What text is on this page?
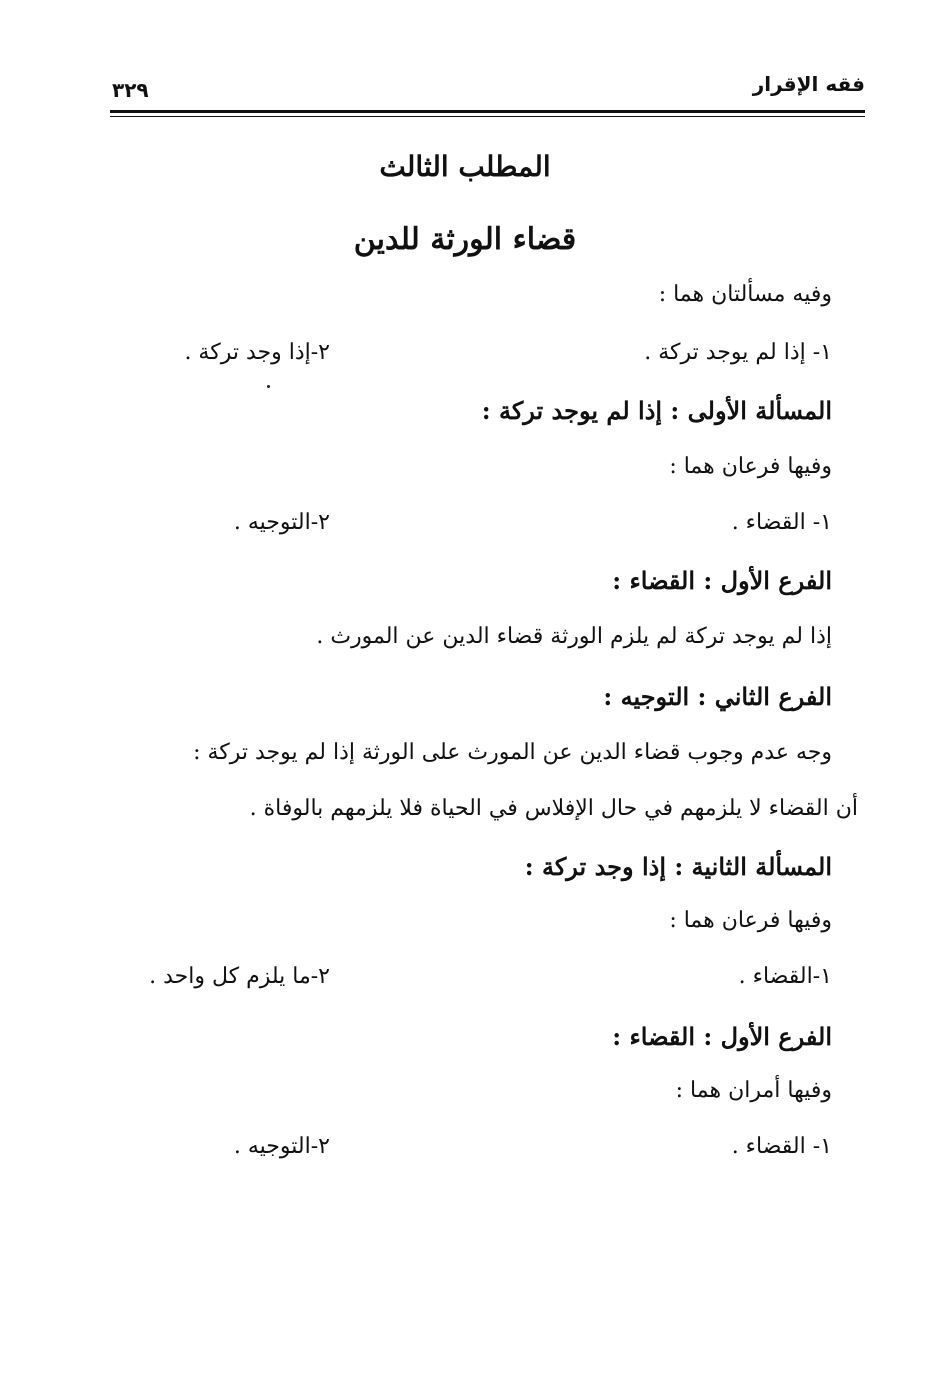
فقه الإقرار
٣٢٩
المطلب الثالث
قضاء الورثة للدين
وفيه مسألتان هما :
١- إذا لم يوجد تركة .
٢-إذا وجد تركة .
المسألة الأولى : إذا لم يوجد تركة :
وفيها فرعان هما :
١- القضاء .
٢-التوجيه .
الفرع الأول : القضاء :
إذا لم يوجد تركة لم يلزم الورثة قضاء الدين عن المورث .
الفرع الثاني : التوجيه :
وجه عدم وجوب قضاء الدين عن المورث على الورثة إذا لم يوجد تركة :
أن القضاء لا يلزمهم في حال الإفلاس في الحياة فلا يلزمهم بالوفاة .
المسألة الثانية : إذا وجد تركة :
وفيها فرعان هما :
١-القضاء .
٢-ما يلزم كل واحد .
الفرع الأول : القضاء :
وفيها أمران هما :
١- القضاء .
٢-التوجيه .
